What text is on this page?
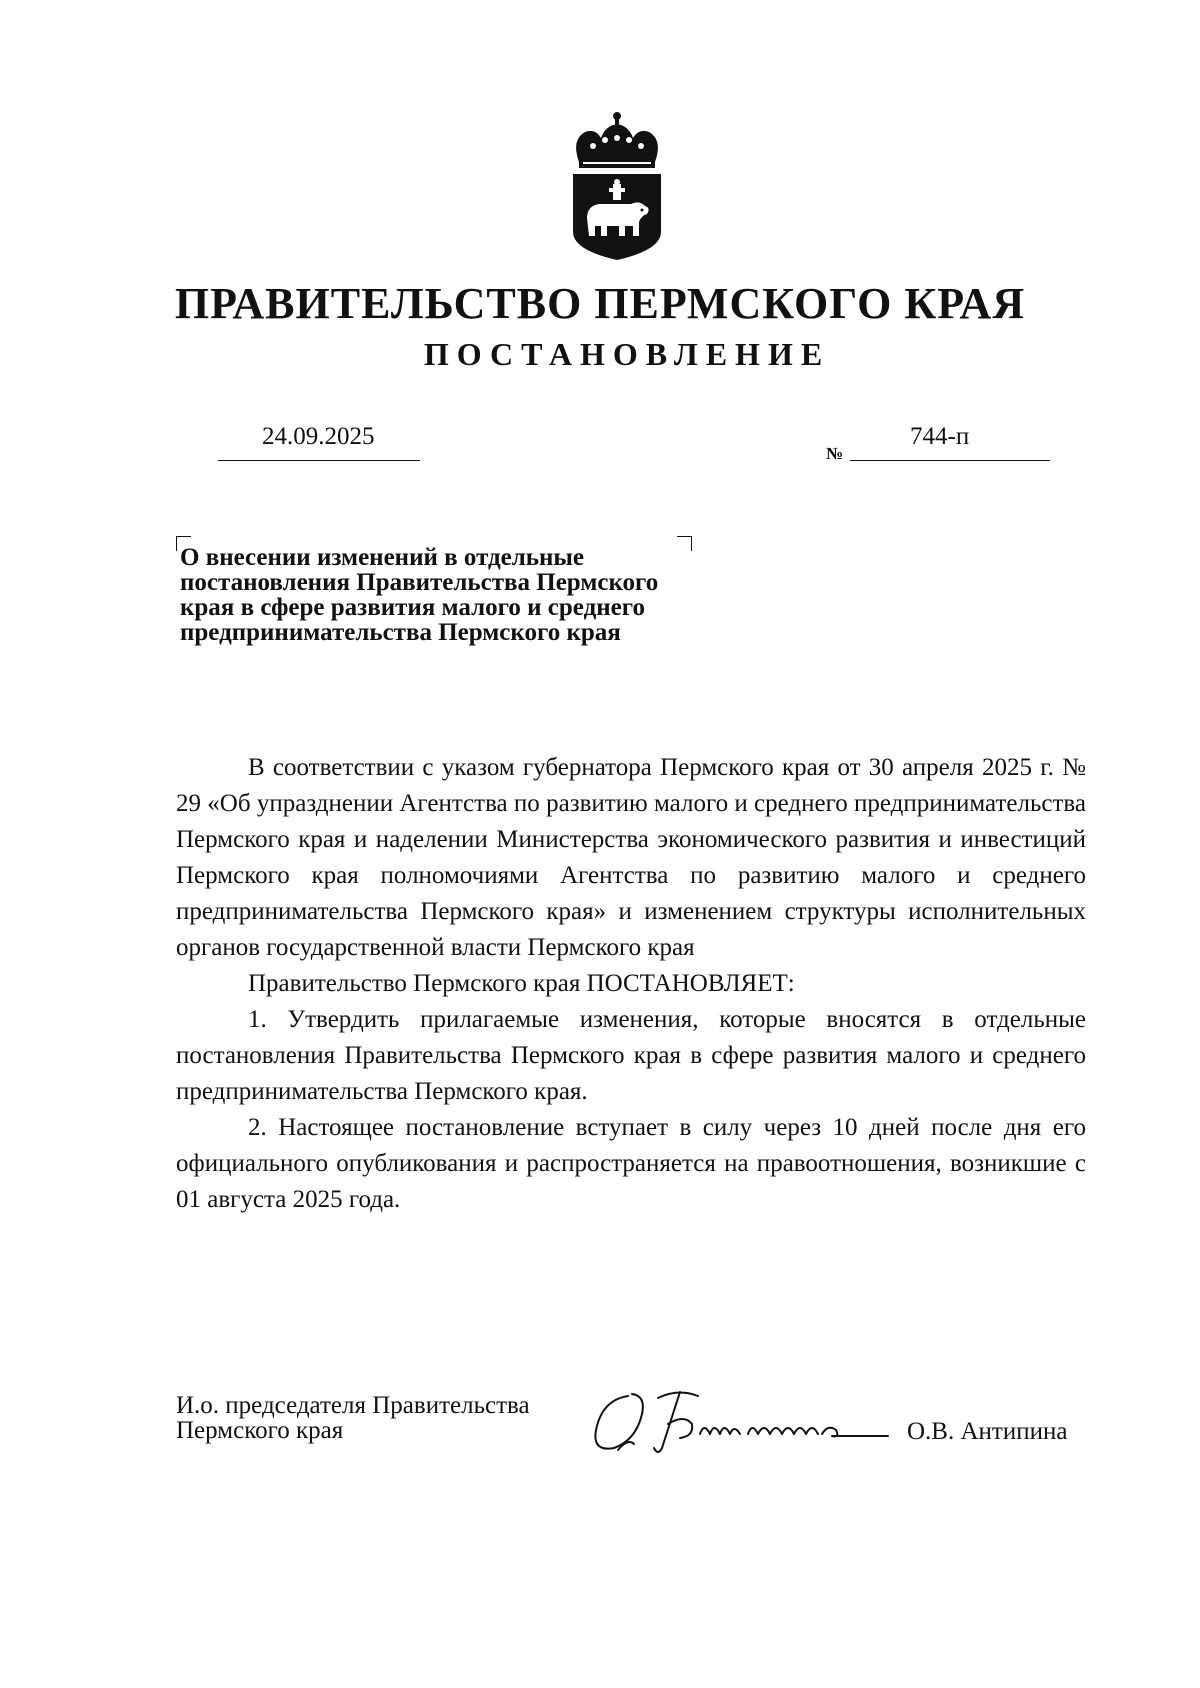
ПРАВИТЕЛЬСТВО ПЕРМСКОГО КРАЯ
ПОСТАНОВЛЕНИЕ
24.09.2025
№
744-п
О внесении изменений в отдельные
постановления Правительства Пермского
края в сфере развития малого и среднего
предпринимательства Пермского края

В соответствии с указом губернатора Пермского края от 30 апреля 2025 г. № 29 «Об упразднении Агентства по развитию малого и среднего предпринимательства Пермского края и наделении Министерства экономического развития и инвестиций Пермского края полномочиями Агентства по развитию малого и среднего предпринимательства Пермского края» и изменением структуры исполнительных органов государственной власти Пермского края

Правительство Пермского края ПОСТАНОВЛЯЕТ:

1. Утвердить прилагаемые изменения, которые вносятся в отдельные постановления Правительства Пермского края в сфере развития малого и среднего предпринимательства Пермского края.

2. Настоящее постановление вступает в силу через 10 дней после дня его официального опубликования и распространяется на правоотношения, возникшие с 01 августа 2025 года.

И.о. председателя Правительства
Пермского края	О.В. Антипина
